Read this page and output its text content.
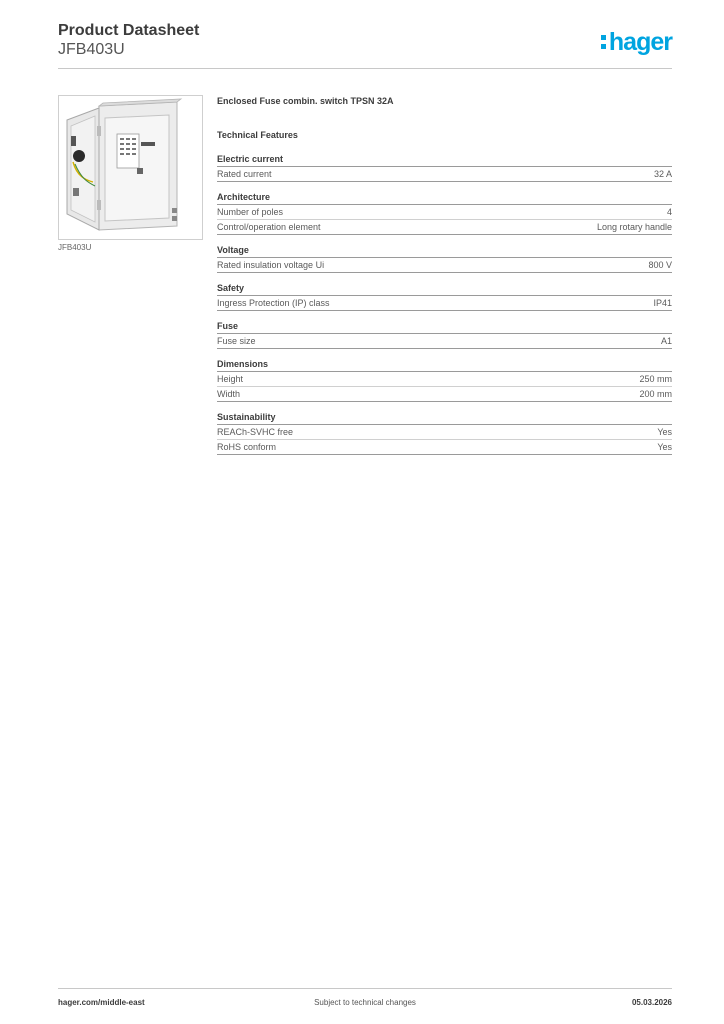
Product Datasheet
JFB403U	hager
JFB403U
Enclosed Fuse combin. switch TPSN 32A
Technical Features
Electric current
Rated current	32 A
Architecture
Number of poles	4
Control/operation element	Long rotary handle
Voltage
Rated insulation voltage Ui	800 V
Safety
Ingress Protection (IP) class	IP41
Fuse
Fuse size	A1
Dimensions
Height	250 mm
Width	200 mm
Sustainability
REACh-SVHC free	Yes
RoHS conform	Yes
hager.com/middle-east	Subject to technical changes	05.03.2026
